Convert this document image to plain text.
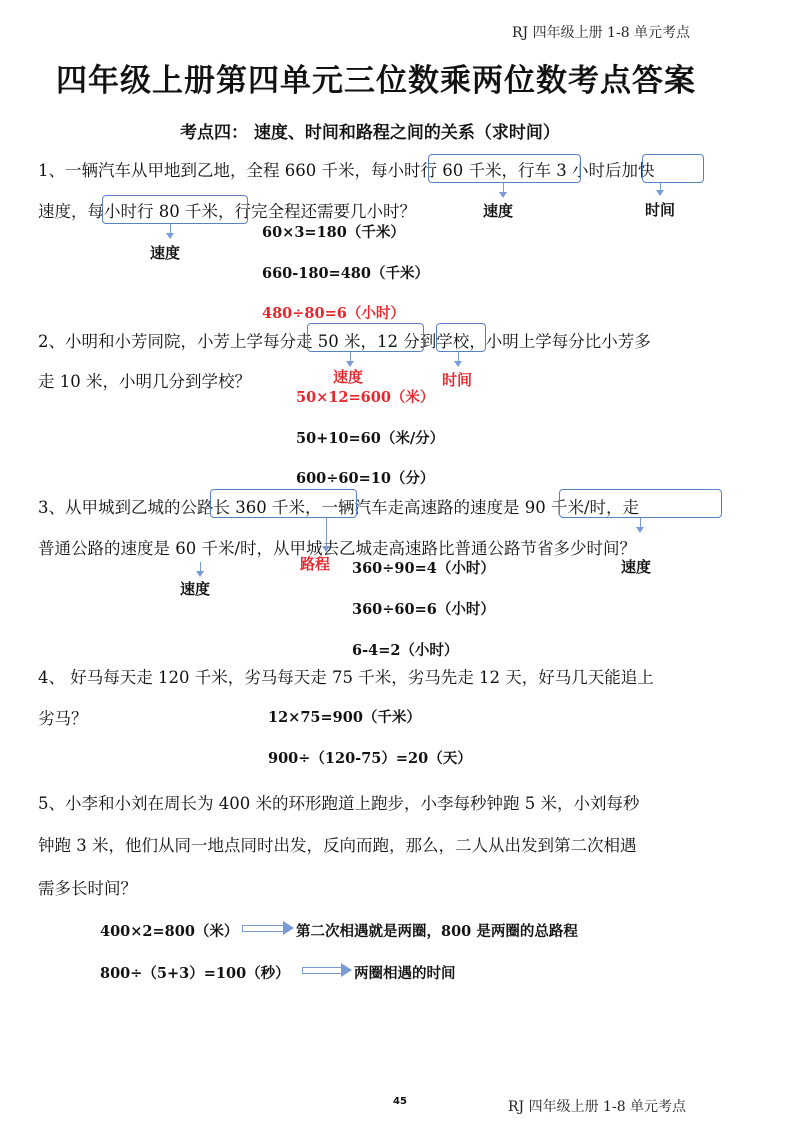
RJ 四年级上册 1-8 单元考点
四年级上册第四单元三位数乘两位数考点答案
考点四： 速度、时间和路程之间的关系（求时间）
1、一辆汽车从甲地到乙地，全程 660 千米，每小时行 60 千米，行车 3 小时后加快
速度，每小时行 80 千米，行完全程还需要几小时？	速度	时间
速度
60×3=180（千米）
660-180=480（千米）
480÷80=6（小时）
2、小明和小芳同院，小芳上学每分走 50 米，12 分到学校，小明上学每分比小芳多
走 10 米，小明几分到学校？	速度	时间
50×12=600（米）
50+10=60（米/分）
600÷60=10（分）
3、从甲城到乙城的公路长 360 千米，一辆汽车走高速路的速度是 90 千米/时，走
普通公路的速度是 60 千米/时，从甲城去乙城走高速路比普通公路节省多少时间？
路程	速度
速度
360÷90=4（小时）
360÷60=6（小时）
6-4=2（小时）
4、 好马每天走 120 千米，劣马每天走 75 千米，劣马先走 12 天，好马几天能追上
劣马？	12×75=900（千米）
900÷（120-75）=20（天）
5、小李和小刘在周长为 400 米的环形跑道上跑步，小李每秒钟跑 5 米，小刘每秒
钟跑 3 米，他们从同一地点同时出发，反向而跑，那么，二人从出发到第二次相遇
需多长时间？
400×2=800（米）	第二次相遇就是两圈，800 是两圈的总路程
800÷（5+3）=100（秒）	两圈相遇的时间
45	RJ 四年级上册 1-8 单元考点
